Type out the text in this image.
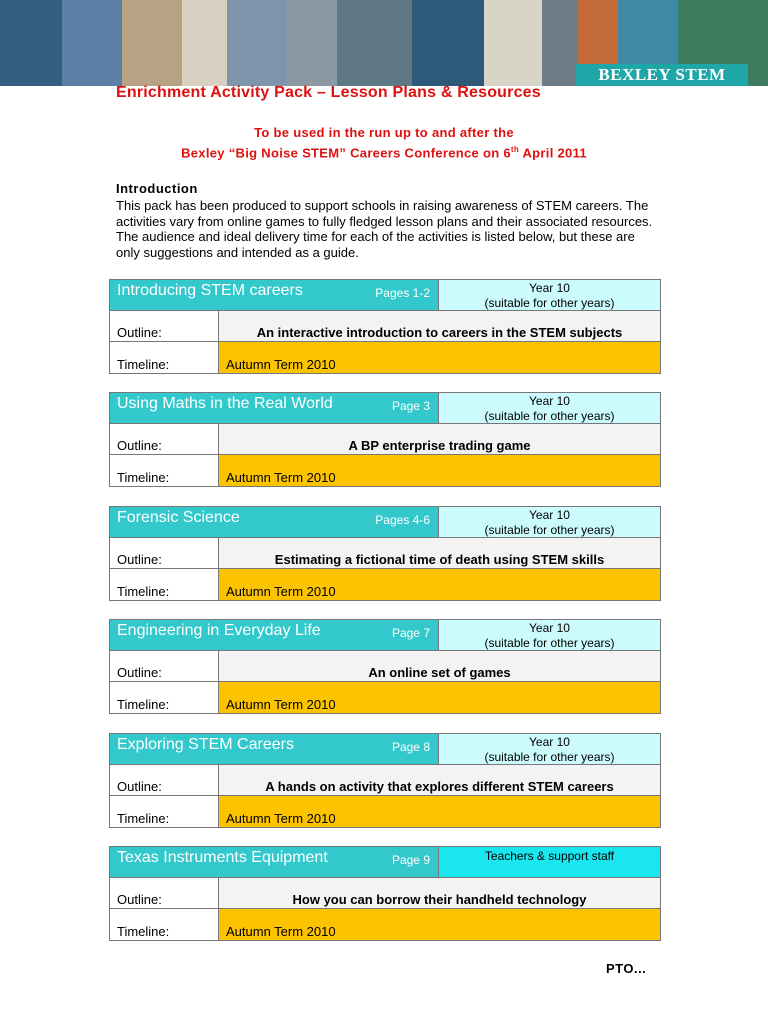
BEXLEY STEM
Enrichment Activity Pack – Lesson Plans & Resources
To be used in the run up to and after the
Bexley “Big Noise STEM” Careers Conference on 6th April 2011
Introduction

This pack has been produced to support schools in raising awareness of STEM careers. The activities vary from online games to fully fledged lesson plans and their associated resources. The audience and ideal delivery time for each of the activities is listed below, but these are only suggestions and intended as a guide.

Introducing STEM careers	Pages 1-2	Year 10
(suitable for other years)
Outline:	An interactive introduction to careers in the STEM subjects
Timeline:	Autumn Term 2010
Using Maths in the Real World	Page 3	Year 10
(suitable for other years)
Outline:	A BP enterprise trading game
Timeline:	Autumn Term 2010
Forensic Science	Pages 4-6	Year 10
(suitable for other years)
Outline:	Estimating a fictional time of death using STEM skills
Timeline:	Autumn Term 2010
Engineering in Everyday Life	Page 7	Year 10
(suitable for other years)
Outline:	An online set of games
Timeline:	Autumn Term 2010
Exploring STEM Careers	Page 8	Year 10
(suitable for other years)
Outline:	A hands on activity that explores different STEM careers
Timeline:	Autumn Term 2010
Texas Instruments Equipment	Page 9	Teachers & support staff
Outline:	How you can borrow their handheld technology
Timeline:	Autumn Term 2010
PTO...
